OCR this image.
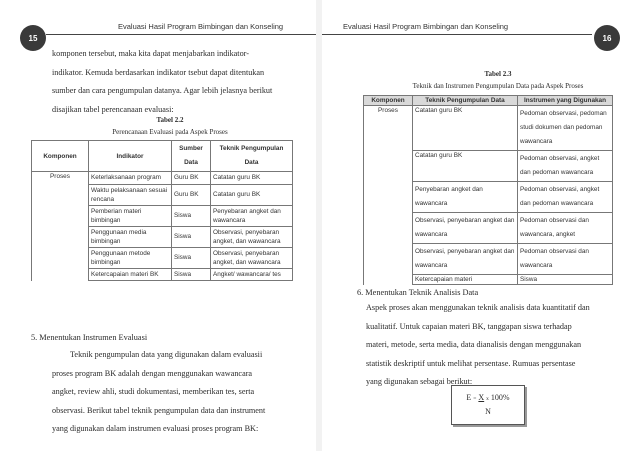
15
Evaluasi Hasil Program Bimbingan dan Konseling
komponen tersebut, maka kita dapat menjabarkan indikator-
indikator. Kemuda berdasarkan indikator tsebut dapat ditentukan
sumber dan cara pengumpulan datanya. Agar lebih jelasnya berikut
disajikan tabel perencanaan evaluasi:
Tabel 2.2
Perencanaan Evaluasi pada Aspek Proses
Komponen	Indikator	Sumber Data	Teknik Pengumpulan Data
Proses	Keterlaksanaan program	Guru BK	Catatan guru BK
	Waktu pelaksanaan sesuai rencana	Guru BK	Catatan guru BK
	Pemberian materi bimbingan	Siswa	Penyebaran angket dan wawancara
	Penggunaan media bimbingan	Siswa	Observasi, penyebaran angket, dan wawancara
	Penggunaan metode bimbingan	Siswa	Observasi, penyebaran angket, dan wawancara
	Ketercapaian materi BK	Siswa	Angket/ wawancara/ tes
5. Menentukan Instrumen Evaluasi
Teknik pengumpulan data yang digunakan dalam evaluasii
proses program BK adalah dengan menggunakan wawancara
angket, review ahli, studi dokumentasi, memberikan tes, serta
observasi. Berikut tabel teknik pengumpulan data dan instrument
yang digunakan dalam instrumen evaluasi proses program BK:
Evaluasi Hasil Program Bimbingan dan Konseling
16
Tabel 2.3
Teknik dan Instrumen Pengumpulan Data pada Aspek Proses
Komponen	Teknik Pengumpulan Data	Instrumen yang Digunakan
Proses	Catatan guru BK	Pedoman observasi, pedoman studi dokumen dan pedoman wawancara
	Catatan guru BK	Pedoman observasi, angket dan pedoman wawancara
	Penyebaran angket dan wawancara	Pedoman observasi, angket dan pedoman wawancara
	Observasi, penyebaran angket dan wawancara	Pedoman observasi dan wawancara, angket
	Observasi, penyebaran angket dan wawancara	Pedoman observasi dan wawancara
	Ketercapaian materi	Siswa
6. Menentukan Teknik Analisis Data
Aspek proses akan menggunakan teknik analisis data kuantitatif dan
kualitatif. Untuk capaian materi BK, tanggapan siswa terhadap
materi, metode, serta media, data dianalisis dengan menggunakan
statistik deskriptif untuk melihat persentase. Rumuas persentase
yang digunakan sebagai berikut:
E = X x 100%
N
